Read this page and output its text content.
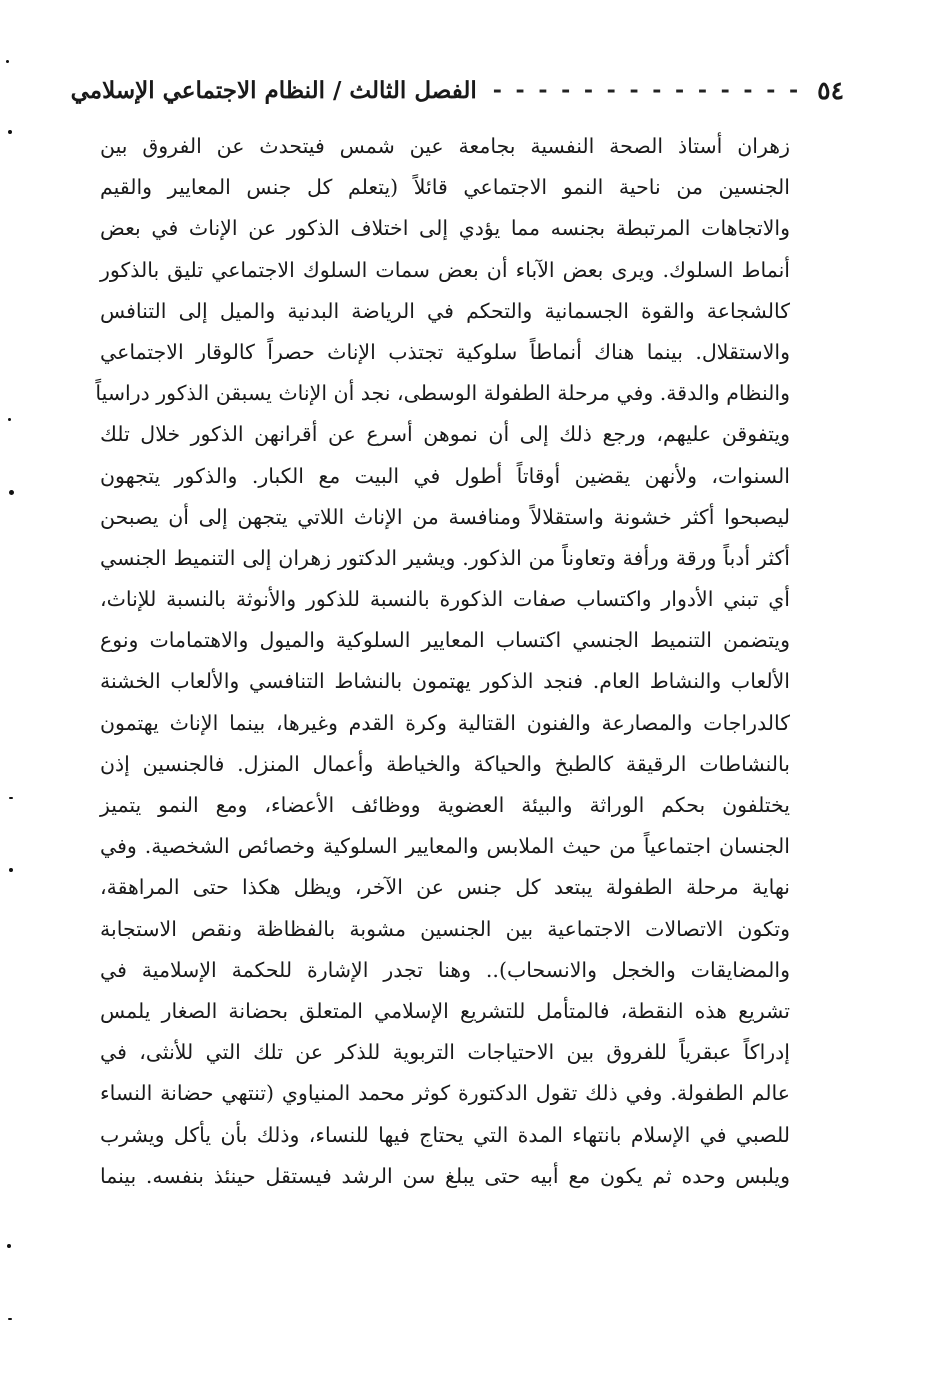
٥٤
- - - - - - - - - - - - - -
الفصل الثالث / النظام الاجتماعي الإسلامي
زهران أستاذ الصحة النفسية بجامعة عين شمس فيتحدث عن الفروق بين
الجنسين من ناحية النمو الاجتماعي قائلاً (يتعلم كل جنس المعايير والقيم
والاتجاهات المرتبطة بجنسه مما يؤدي إلى اختلاف الذكور عن الإناث في بعض
أنماط السلوك. ويرى بعض الآباء أن بعض سمات السلوك الاجتماعي تليق بالذكور
كالشجاعة والقوة الجسمانية والتحكم في الرياضة البدنية والميل إلى التنافس
والاستقلال. بينما هناك أنماطاً سلوكية تجتذب الإناث حصراً كالوقار الاجتماعي
والنظام والدقة. وفي مرحلة الطفولة الوسطى، نجد أن الإناث يسبقن الذكور دراسياً
ويتفوقن عليهم، ورجع ذلك إلى أن نموهن أسرع عن أقرانهن الذكور خلال تلك
السنوات، ولأنهن يقضين أوقاتاً أطول في البيت مع الكبار. والذكور يتجهون
ليصبحوا أكثر خشونة واستقلالاً ومنافسة من الإناث اللاتي يتجهن إلى أن يصبحن
أكثر أدباً ورقة ورأفة وتعاوناً من الذكور. ويشير الدكتور زهران إلى التنميط الجنسي
أي تبني الأدوار واكتساب صفات الذكورة بالنسبة للذكور والأنوثة بالنسبة للإناث،
ويتضمن التنميط الجنسي اكتساب المعايير السلوكية والميول والاهتمامات ونوع
الألعاب والنشاط العام. فنجد الذكور يهتمون بالنشاط التنافسي والألعاب الخشنة
كالدراجات والمصارعة والفنون القتالية وكرة القدم وغيرها، بينما الإناث يهتمون
بالنشاطات الرقيقة كالطبخ والحياكة والخياطة وأعمال المنزل. فالجنسين إذن
يختلفون بحكم الوراثة والبيئة العضوية ووظائف الأعضاء، ومع النمو يتميز
الجنسان اجتماعياً من حيث الملابس والمعايير السلوكية وخصائص الشخصية. وفي
نهاية مرحلة الطفولة يبتعد كل جنس عن الآخر، ويظل هكذا حتى المراهقة،
وتكون الاتصالات الاجتماعية بين الجنسين مشوبة بالفظاظة ونقص الاستجابة
والمضايقات والخجل والانسحاب).. وهنا تجدر الإشارة للحكمة الإسلامية في
تشريع هذه النقطة، فالمتأمل للتشريع الإسلامي المتعلق بحضانة الصغار يلمس
إدراكاً عبقرياً للفروق بين الاحتياجات التربوية للذكر عن تلك التي للأنثى، في
عالم الطفولة. وفي ذلك تقول الدكتورة كوثر محمد المنياوي (تنتهي حضانة النساء
للصبي في الإسلام بانتهاء المدة التي يحتاج فيها للنساء، وذلك بأن يأكل ويشرب
ويلبس وحده ثم يكون مع أبيه حتى يبلغ سن الرشد فيستقل حينئذ بنفسه. بينما
